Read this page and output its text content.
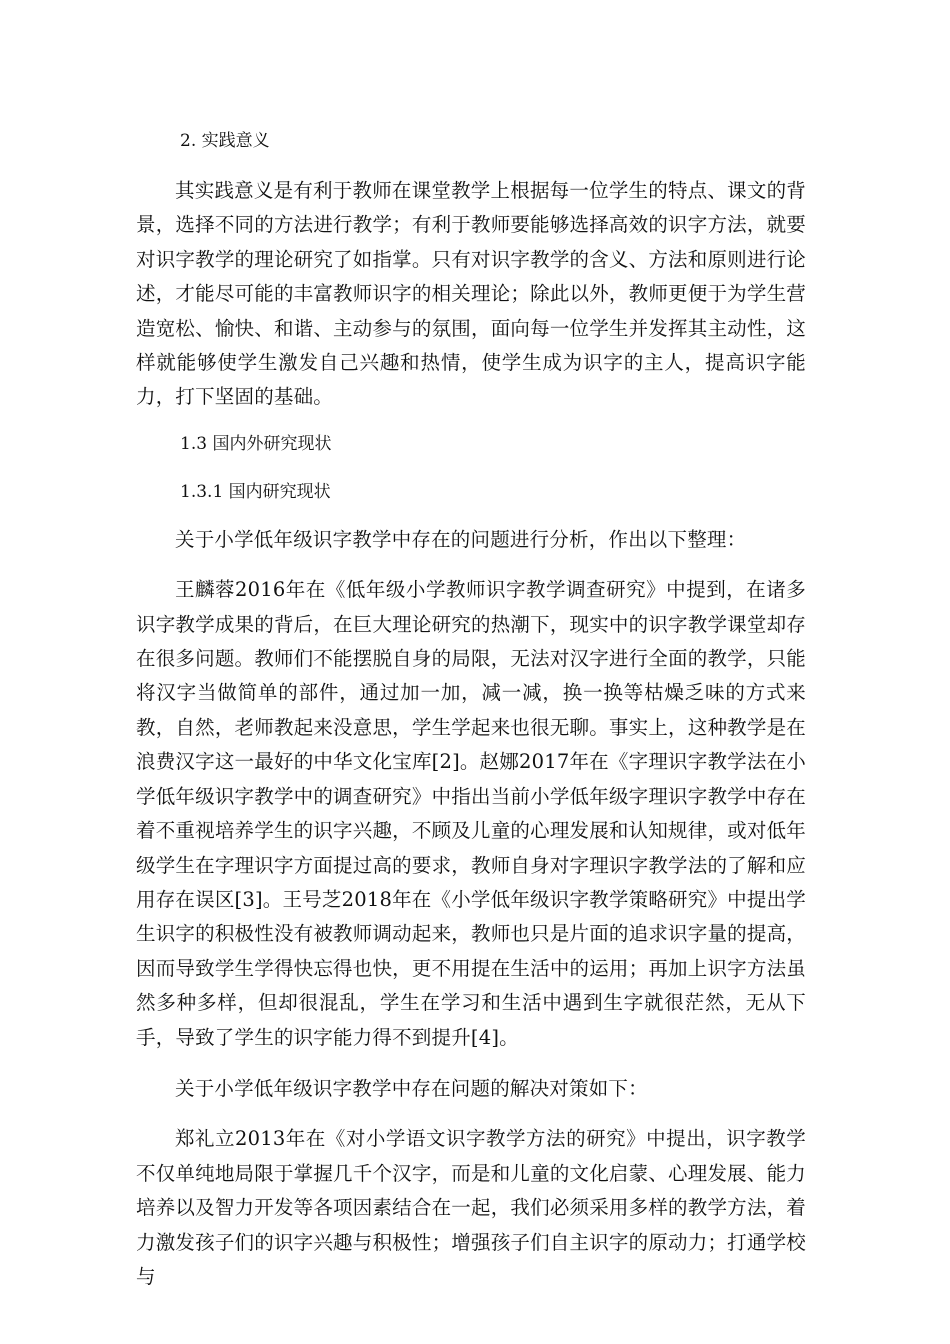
2. 实践意义

其实践意义是有利于教师在课堂教学上根据每一位学生的特点、课文的背景，选择不同的方法进行教学；有利于教师要能够选择高效的识字方法，就要对识字教学的理论研究了如指掌。只有对识字教学的含义、方法和原则进行论述，才能尽可能的丰富教师识字的相关理论；除此以外，教师更便于为学生营造宽松、愉快、和谐、主动参与的氛围，面向每一位学生并发挥其主动性，这样就能够使学生激发自己兴趣和热情，使学生成为识字的主人，提高识字能力，打下坚固的基础。

1.3 国内外研究现状

1.3.1 国内研究现状

关于小学低年级识字教学中存在的问题进行分析，作出以下整理：

王麟蓉2016年在《低年级小学教师识字教学调查研究》中提到，在诸多识字教学成果的背后，在巨大理论研究的热潮下，现实中的识字教学课堂却存在很多问题。教师们不能摆脱自身的局限，无法对汉字进行全面的教学，只能将汉字当做简单的部件，通过加一加，减一减，换一换等枯燥乏味的方式来教，自然，老师教起来没意思，学生学起来也很无聊。事实上，这种教学是在浪费汉字这一最好的中华文化宝库[2]。赵娜2017年在《字理识字教学法在小学低年级识字教学中的调查研究》中指出当前小学低年级字理识字教学中存在着不重视培养学生的识字兴趣，不顾及儿童的心理发展和认知规律，或对低年级学生在字理识字方面提过高的要求，教师自身对字理识字教学法的了解和应用存在误区[3]。王号芝2018年在《小学低年级识字教学策略研究》中提出学生识字的积极性没有被教师调动起来，教师也只是片面的追求识字量的提高，因而导致学生学得快忘得也快，更不用提在生活中的运用；再加上识字方法虽然多种多样，但却很混乱，学生在学习和生活中遇到生字就很茫然，无从下手，导致了学生的识字能力得不到提升[4]。

关于小学低年级识字教学中存在问题的解决对策如下：

郑礼立2013年在《对小学语文识字教学方法的研究》中提出，识字教学不仅单纯地局限于掌握几千个汉字，而是和儿童的文化启蒙、心理发展、能力培养以及智力开发等各项因素结合在一起，我们必须采用多样的教学方法，着力激发孩子们的识字兴趣与积极性；增强孩子们自主识字的原动力；打通学校与
